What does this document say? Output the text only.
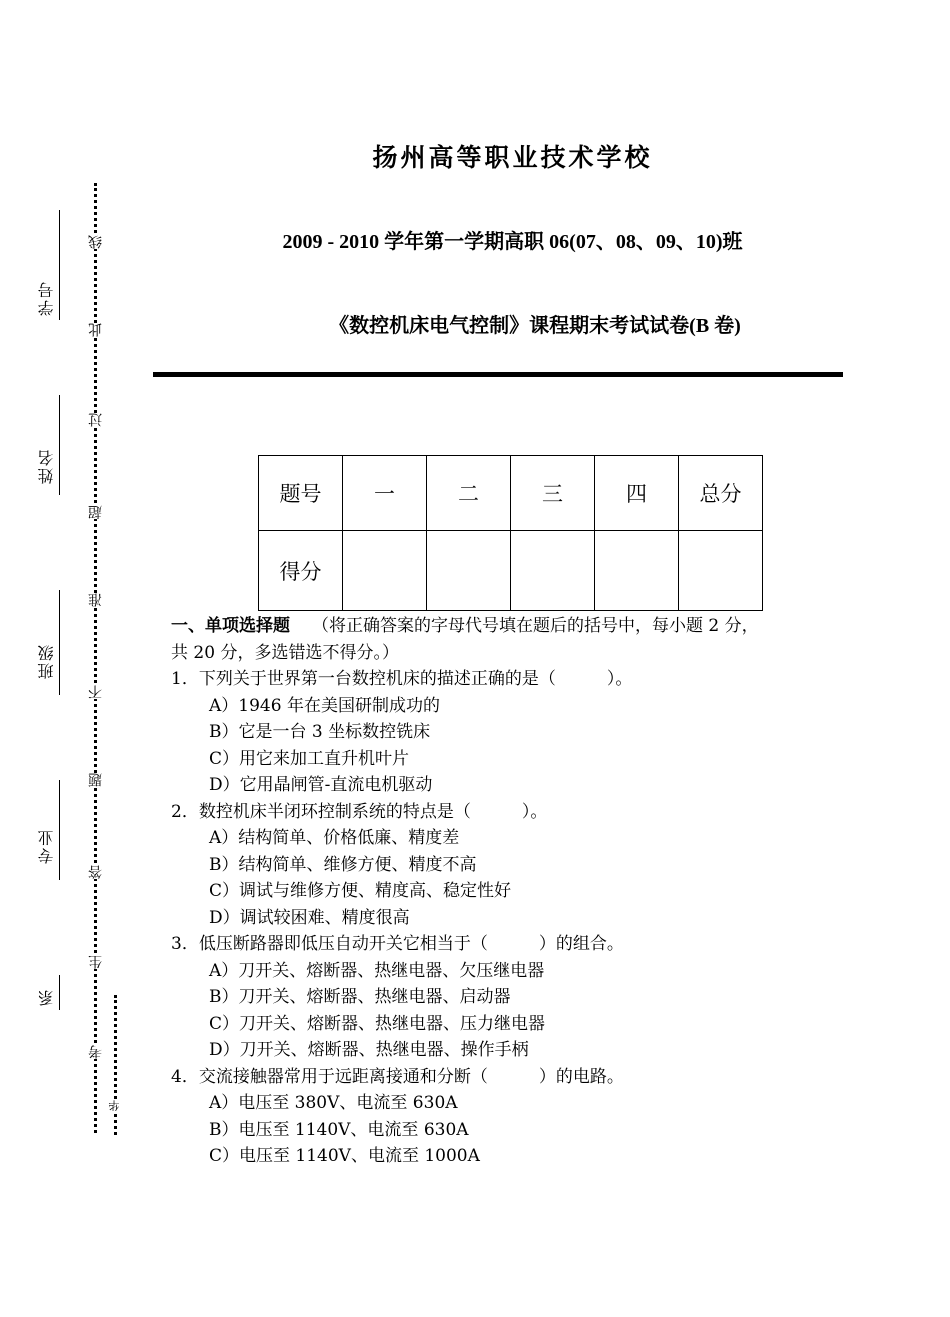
学号
姓名
班级
专业
系
线
此
过
超
准
不
题
答
生
考
华
扬州高等职业技术学校
2009 - 2010 学年第一学期高职 06(07、08、09、10)班
《数控机床电气控制》课程期末考试试卷(B 卷)
题号	一	二	三	四	总分
得分					
一、单项选择题 （将正确答案的字母代号填在题后的括号中，每小题 2 分，
共 20 分，多选错选不得分。）
1．下列关于世界第一台数控机床的描述正确的是（　　　）。
A）1946 年在美国研制成功的
B）它是一台 3 坐标数控铣床
C）用它来加工直升机叶片
D）它用晶闸管-直流电机驱动
2．数控机床半闭环控制系统的特点是（　　　）。
A）结构简单、价格低廉、精度差
B）结构简单、维修方便、精度不高
C）调试与维修方便、精度高、稳定性好
D）调试较困难、精度很高
3．低压断路器即低压自动开关它相当于（　　　）的组合。
A）刀开关、熔断器、热继电器、欠压继电器
B）刀开关、熔断器、热继电器、启动器
C）刀开关、熔断器、热继电器、压力继电器
D）刀开关、熔断器、热继电器、操作手柄
4．交流接触器常用于远距离接通和分断（　　　）的电路。
A）电压至 380V、电流至 630A
B）电压至 1140V、电流至 630A
C）电压至 1140V、电流至 1000A
